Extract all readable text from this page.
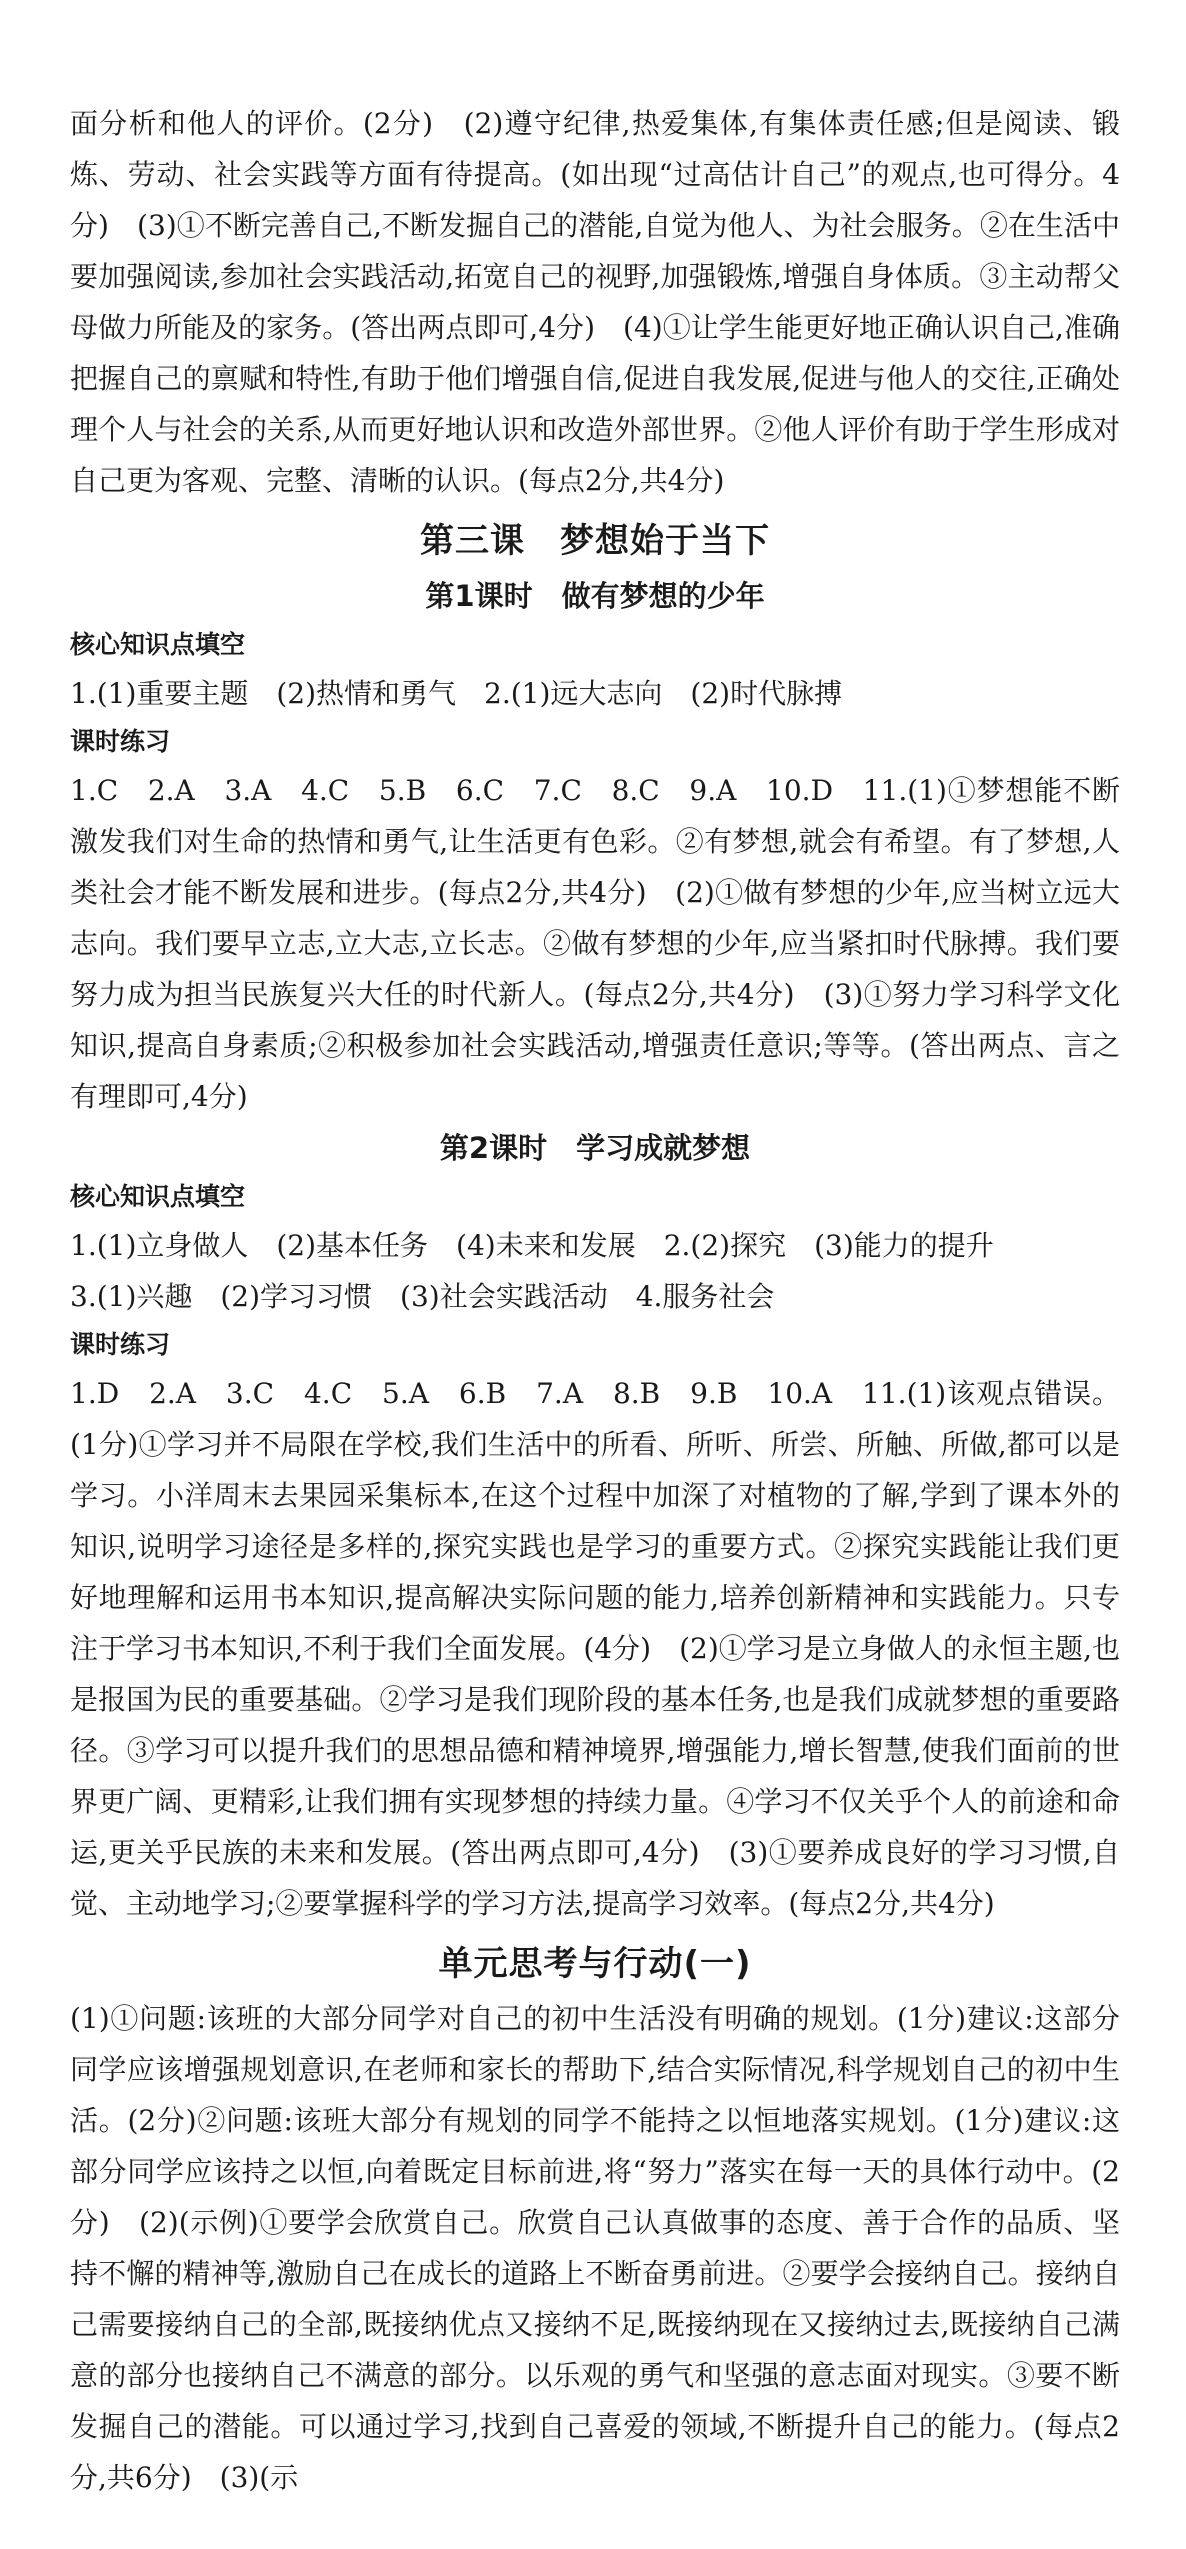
面分析和他人的评价。(2分)　(2)遵守纪律,热爱集体,有集体责任感;但是阅读、锻炼、劳动、社会实践等方面有待提高。(如出现“过高估计自己”的观点,也可得分。4分)　(3)①不断完善自己,不断发掘自己的潜能,自觉为他人、为社会服务。②在生活中要加强阅读,参加社会实践活动,拓宽自己的视野,加强锻炼,增强自身体质。③主动帮父母做力所能及的家务。(答出两点即可,4分)　(4)①让学生能更好地正确认识自己,准确把握自己的禀赋和特性,有助于他们增强自信,促进自我发展,促进与他人的交往,正确处理个人与社会的关系,从而更好地认识和改造外部世界。②他人评价有助于学生形成对自己更为客观、完整、清晰的认识。(每点2分,共4分)

第三课　梦想始于当下
第1课时　做有梦想的少年
核心知识点填空

1.(1)重要主题　(2)热情和勇气　2.(1)远大志向　(2)时代脉搏

课时练习

1.C　2.A　3.A　4.C　5.B　6.C　7.C　8.C　9.A　10.D　11.(1)①梦想能不断激发我们对生命的热情和勇气,让生活更有色彩。②有梦想,就会有希望。有了梦想,人类社会才能不断发展和进步。(每点2分,共4分)　(2)①做有梦想的少年,应当树立远大志向。我们要早立志,立大志,立长志。②做有梦想的少年,应当紧扣时代脉搏。我们要努力成为担当民族复兴大任的时代新人。(每点2分,共4分)　(3)①努力学习科学文化知识,提高自身素质;②积极参加社会实践活动,增强责任意识;等等。(答出两点、言之有理即可,4分)

第2课时　学习成就梦想
核心知识点填空

1.(1)立身做人　(2)基本任务　(4)未来和发展　2.(2)探究　(3)能力的提升

3.(1)兴趣　(2)学习习惯　(3)社会实践活动　4.服务社会

课时练习

1.D　2.A　3.C　4.C　5.A　6.B　7.A　8.B　9.B　10.A　11.(1)该观点错误。(1分)①学习并不局限在学校,我们生活中的所看、所听、所尝、所触、所做,都可以是学习。小洋周末去果园采集标本,在这个过程中加深了对植物的了解,学到了课本外的知识,说明学习途径是多样的,探究实践也是学习的重要方式。②探究实践能让我们更好地理解和运用书本知识,提高解决实际问题的能力,培养创新精神和实践能力。只专注于学习书本知识,不利于我们全面发展。(4分)　(2)①学习是立身做人的永恒主题,也是报国为民的重要基础。②学习是我们现阶段的基本任务,也是我们成就梦想的重要路径。③学习可以提升我们的思想品德和精神境界,增强能力,增长智慧,使我们面前的世界更广阔、更精彩,让我们拥有实现梦想的持续力量。④学习不仅关乎个人的前途和命运,更关乎民族的未来和发展。(答出两点即可,4分)　(3)①要养成良好的学习习惯,自觉、主动地学习;②要掌握科学的学习方法,提高学习效率。(每点2分,共4分)

单元思考与行动(一)

(1)①问题:该班的大部分同学对自己的初中生活没有明确的规划。(1分)建议:这部分同学应该增强规划意识,在老师和家长的帮助下,结合实际情况,科学规划自己的初中生活。(2分)②问题:该班大部分有规划的同学不能持之以恒地落实规划。(1分)建议:这部分同学应该持之以恒,向着既定目标前进,将“努力”落实在每一天的具体行动中。(2分)　(2)(示例)①要学会欣赏自己。欣赏自己认真做事的态度、善于合作的品质、坚持不懈的精神等,激励自己在成长的道路上不断奋勇前进。②要学会接纳自己。接纳自己需要接纳自己的全部,既接纳优点又接纳不足,既接纳现在又接纳过去,既接纳自己满意的部分也接纳自己不满意的部分。以乐观的勇气和坚强的意志面对现实。③要不断发掘自己的潜能。可以通过学习,找到自己喜爱的领域,不断提升自己的能力。(每点2分,共6分)　(3)(示
